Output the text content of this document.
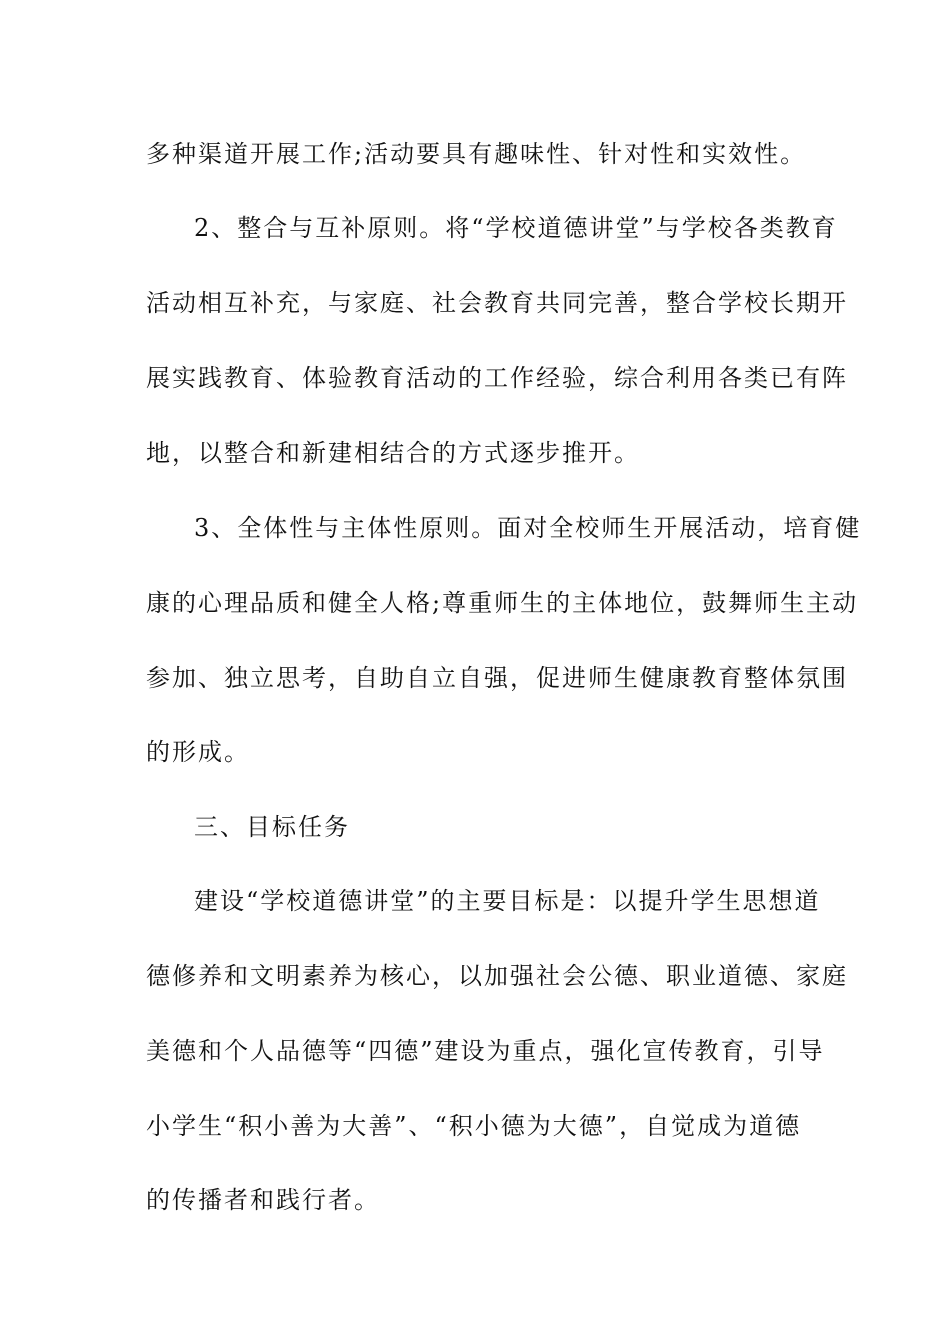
多种渠道开展工作;活动要具有趣味性、针对性和实效性。
2、整合与互补原则。将“学校道德讲堂”与学校各类教育
活动相互补充，与家庭、社会教育共同完善，整合学校长期开
展实践教育、体验教育活动的工作经验，综合利用各类已有阵
地，以整合和新建相结合的方式逐步推开。
3、全体性与主体性原则。面对全校师生开展活动，培育健
康的心理品质和健全人格;尊重师生的主体地位，鼓舞师生主动
参加、独立思考，自助自立自强，促进师生健康教育整体氛围
的形成。
三、目标任务
建设“学校道德讲堂”的主要目标是：以提升学生思想道
德修养和文明素养为核心，以加强社会公德、职业道德、家庭
美德和个人品德等“四德”建设为重点，强化宣传教育，引导
小学生“积小善为大善”、“积小德为大德”，自觉成为道德
的传播者和践行者。
